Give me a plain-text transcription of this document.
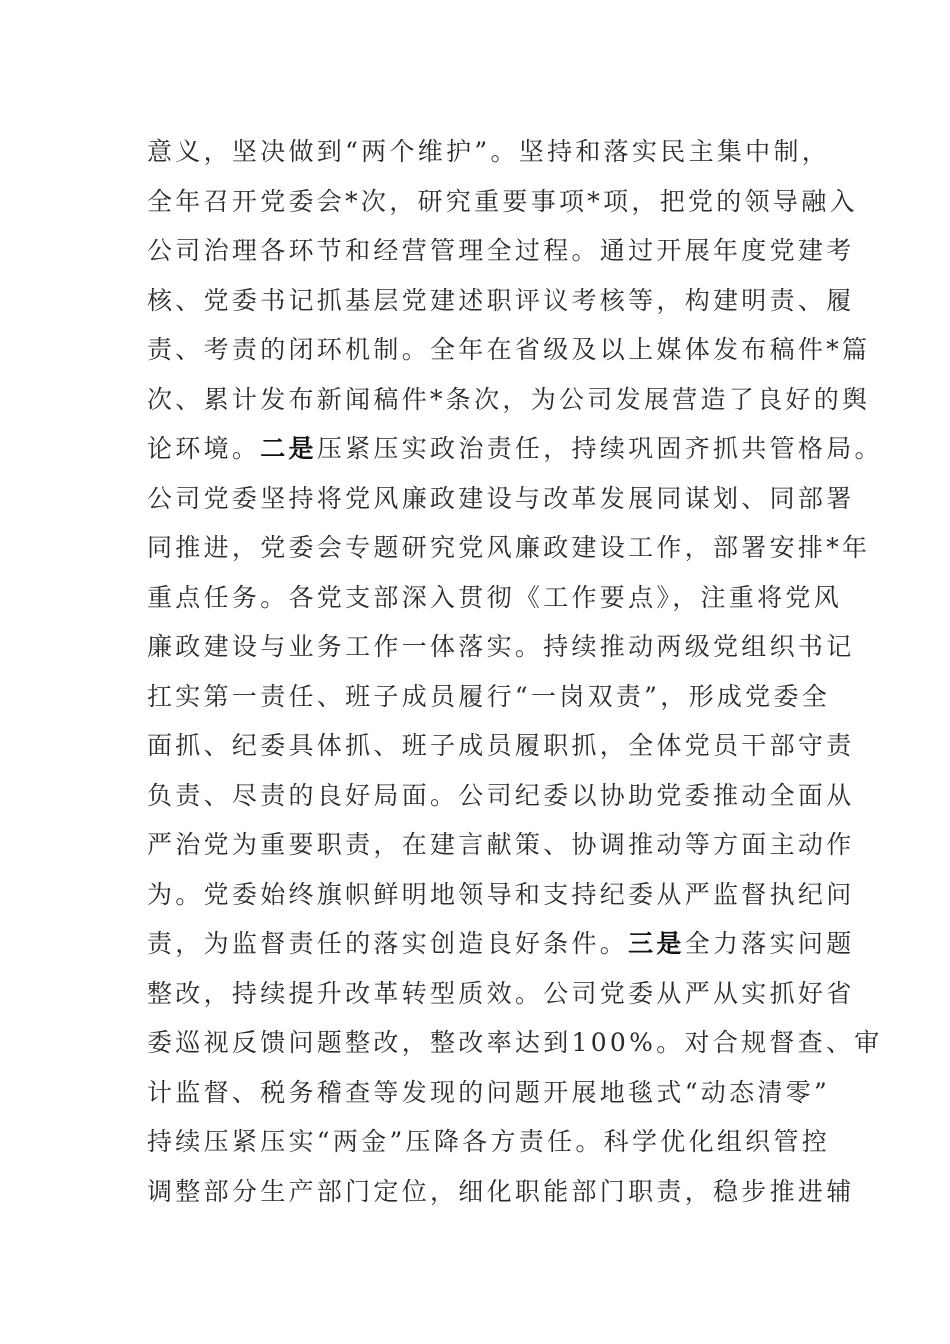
意义，坚决做到“两个维护”。坚持和落实民主集中制，
全年召开党委会*次，研究重要事项*项，把党的领导融入
公司治理各环节和经营管理全过程。通过开展年度党建考
核、党委书记抓基层党建述职评议考核等，构建明责、履
责、考责的闭环机制。全年在省级及以上媒体发布稿件*篇
次、累计发布新闻稿件*条次，为公司发展营造了良好的舆
论环境。二是压紧压实政治责任，持续巩固齐抓共管格局。
公司党委坚持将党风廉政建设与改革发展同谋划、同部署
同推进，党委会专题研究党风廉政建设工作，部署安排*年
重点任务。各党支部深入贯彻《工作要点》，注重将党风
廉政建设与业务工作一体落实。持续推动两级党组织书记
扛实第一责任、班子成员履行“一岗双责”，形成党委全
面抓、纪委具体抓、班子成员履职抓，全体党员干部守责
负责、尽责的良好局面。公司纪委以协助党委推动全面从
严治党为重要职责，在建言献策、协调推动等方面主动作
为。党委始终旗帜鲜明地领导和支持纪委从严监督执纪问
责，为监督责任的落实创造良好条件。三是全力落实问题
整改，持续提升改革转型质效。公司党委从严从实抓好省
委巡视反馈问题整改，整改率达到100%。对合规督查、审
计监督、税务稽查等发现的问题开展地毯式“动态清零”
持续压紧压实“两金”压降各方责任。科学优化组织管控
调整部分生产部门定位，细化职能部门职责，稳步推进辅
